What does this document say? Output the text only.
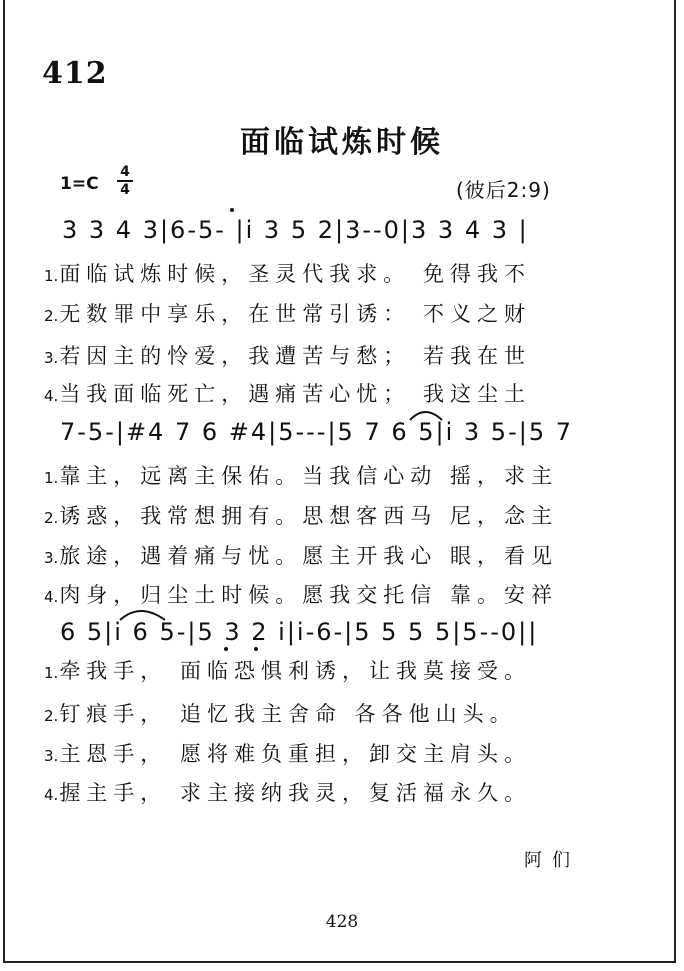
412
面临试炼时候
1=C
4
4	(彼后2:9)
3 3 4 3|6-5- |i 3 5 2|3--0|3 3 4 3 |
1.面临试炼时候，圣灵代我求。 免得我不
2.无数罪中享乐，在世常引诱： 不义之财
3.若因主的怜爱，我遭苦与愁； 若我在世
4.当我面临死亡，遇痛苦心忧； 我这尘土
7-5-|#4 7 6 #4|5---|5 7 6 5|i 3 5-|5 7
1.靠主，远离主保佑。当我信心动 摇，求主
2.诱惑，我常想拥有。思想客西马 尼，念主
3.旅途，遇着痛与忧。愿主开我心 眼，看见
4.肉身，归尘土时候。愿我交托信 靠。安祥
6 5|i 6 5-|5 3 2 i|i-6-|5 5 5 5|5--0||
1.牵我手， 面临恐惧利诱，让我莫接受。
2.钉痕手， 追忆我主舍命 各各他山头。
3.主恩手， 愿将难负重担，卸交主肩头。
4.握主手， 求主接纳我灵，复活福永久。
阿们
428
